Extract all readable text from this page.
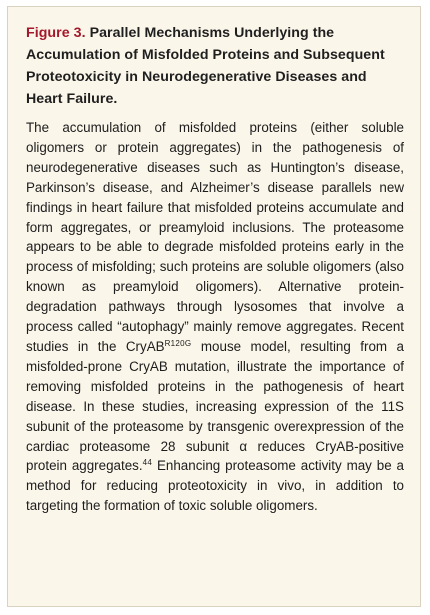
Figure 3. Parallel Mechanisms Underlying the Accumulation of Misfolded Proteins and Subsequent Proteotoxicity in Neurodegenerative Diseases and Heart Failure.

The accumulation of misfolded proteins (either soluble oligomers or protein aggregates) in the pathogenesis of neurodegenerative diseases such as Huntington’s disease, Parkinson’s disease, and Alzheimer’s disease parallels new findings in heart failure that misfolded proteins accumulate and form aggregates, or preamyloid inclusions. The proteasome appears to be able to degrade misfolded proteins early in the process of misfolding; such proteins are soluble oligomers (also known as preamyloid oligomers). Alternative protein-degradation pathways through lysosomes that involve a process called “autophagy” mainly remove aggregates. Recent studies in the CryAB$^{R120G}$ mouse model, resulting from a misfolded-prone CryAB mutation, illustrate the importance of removing misfolded proteins in the pathogenesis of heart disease. In these studies, increasing expression of the 11S subunit of the proteasome by transgenic overexpression of the cardiac proteasome 28 subunit α reduces CryAB-positive protein aggregates.$^{44}$ Enhancing proteasome activity may be a method for reducing proteotoxicity in vivo, in addition to targeting the formation of toxic soluble oligomers.
